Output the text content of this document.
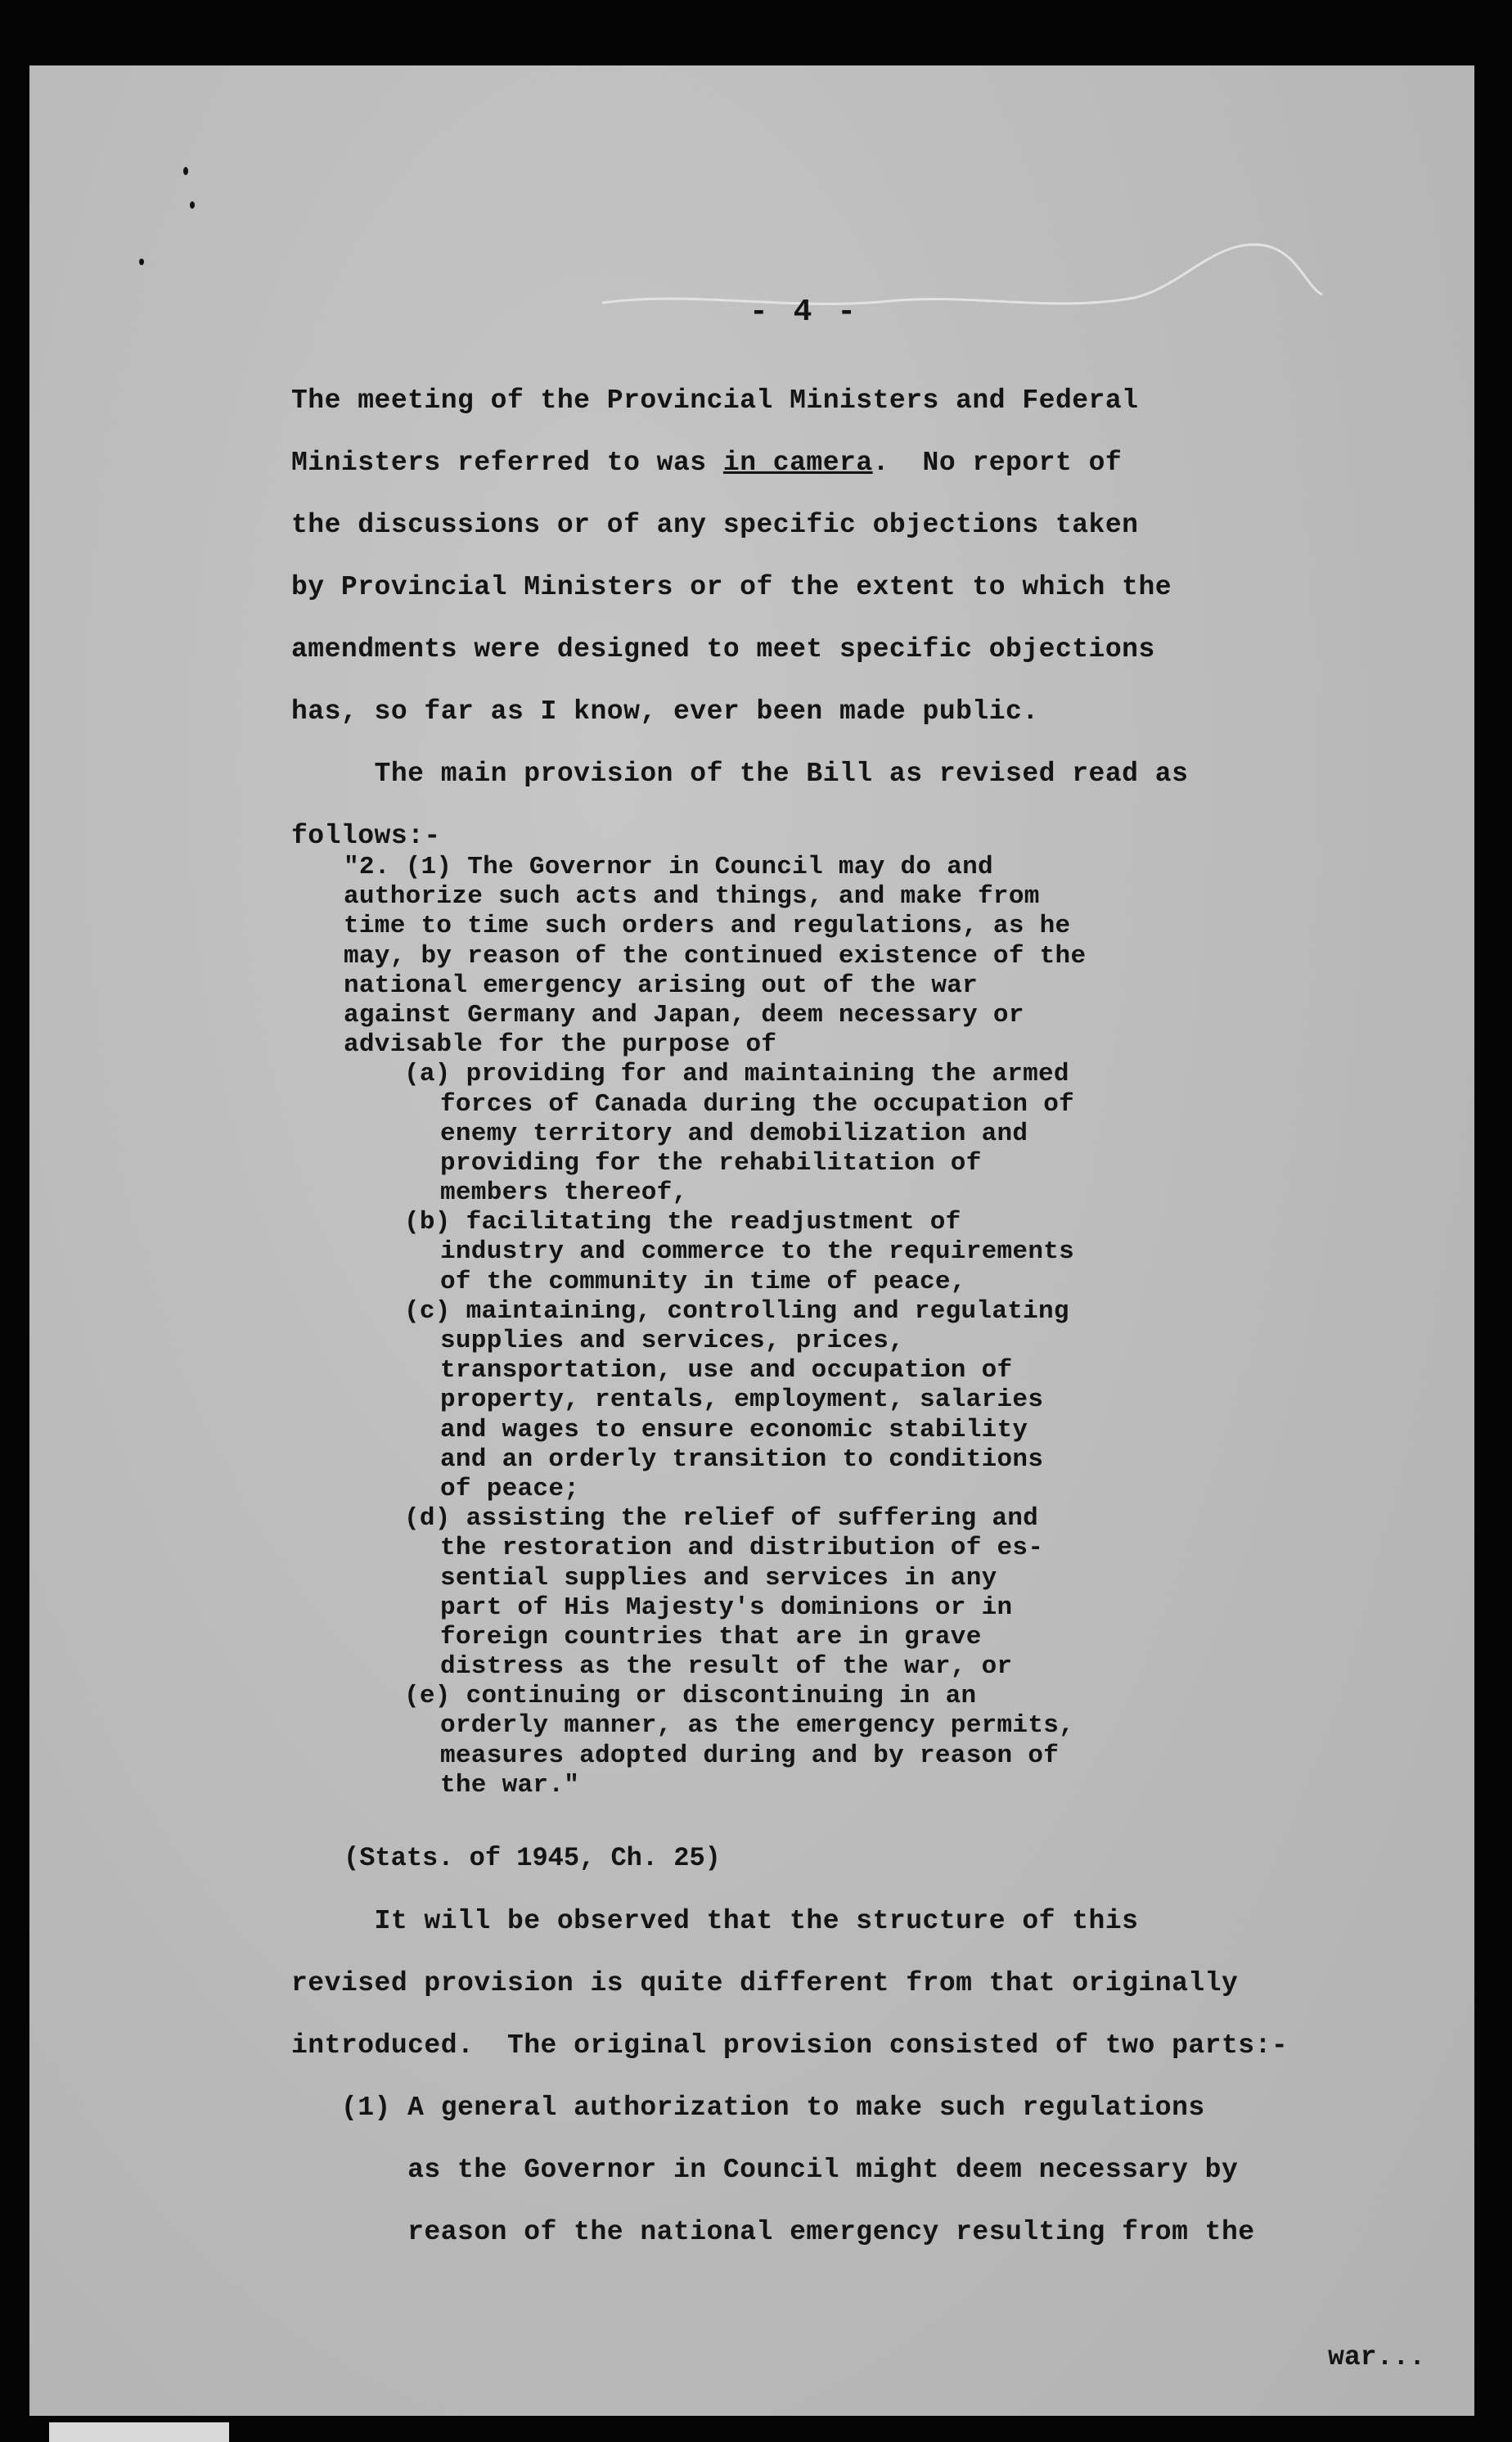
- 4 -
The meeting of the Provincial Ministers and Federal
Ministers referred to was in camera.  No report of
the discussions or of any specific objections taken
by Provincial Ministers or of the extent to which the
amendments were designed to meet specific objections
has, so far as I know, ever been made public.
The main provision of the Bill as revised read as
follows:-
"2. (1) The Governor in Council may do and
authorize such acts and things, and make from
time to time such orders and regulations, as he
may, by reason of the continued existence of the
national emergency arising out of the war
against Germany and Japan, deem necessary or
advisable for the purpose of
(a) providing for and maintaining the armed
forces of Canada during the occupation of
enemy territory and demobilization and
providing for the rehabilitation of
members thereof,
(b) facilitating the readjustment of
industry and commerce to the requirements
of the community in time of peace,
(c) maintaining, controlling and regulating
supplies and services, prices,
transportation, use and occupation of
property, rentals, employment, salaries
and wages to ensure economic stability
and an orderly transition to conditions
of peace;
(d) assisting the relief of suffering and
the restoration and distribution of es-
sential supplies and services in any
part of His Majesty's dominions or in
foreign countries that are in grave
distress as the result of the war, or
(e) continuing or discontinuing in an
orderly manner, as the emergency permits,
measures adopted during and by reason of
the war."
(Stats. of 1945, Ch. 25)
It will be observed that the structure of this
revised provision is quite different from that originally
introduced.  The original provision consisted of two parts:-
(1) A general authorization to make such regulations
as the Governor in Council might deem necessary by
reason of the national emergency resulting from the
war...
